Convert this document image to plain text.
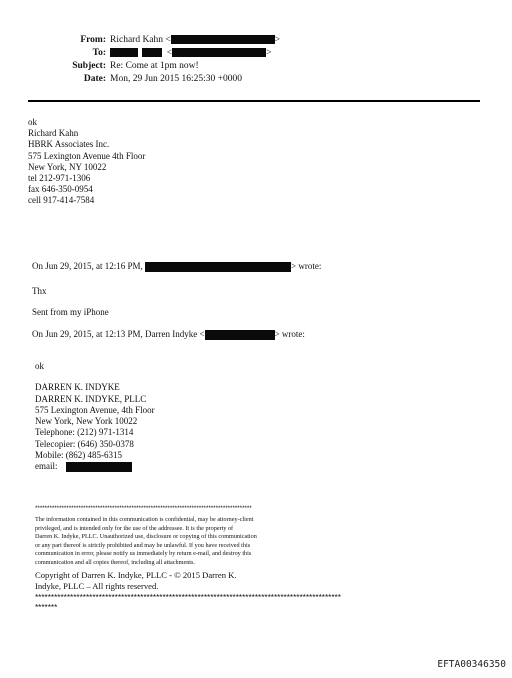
From: Richard Kahn <	>
To:	<	>
Subject: Re: Come at 1pm now!
Date: Mon, 29 Jun 2015 16:25:30 +0000
ok
Richard Kahn
HBRK Associates Inc.
575 Lexington Avenue 4th Floor
New York, NY 10022
tel 212-971-1306
fax 646-350-0954
cell 917-414-7584
On Jun 29, 2015, at 12:16 PM,	> wrote:
Thx
Sent from my iPhone
On Jun 29, 2015, at 12:13 PM, Darren Indyke <	> wrote:
ok
DARREN K. INDYKE
DARREN K. INDYKE, PLLC
575 Lexington Avenue, 4th Floor
New York, New York 10022
Telephone: (212) 971-1314
Telecopier: (646) 350-0378
Mobile: (862) 485-6315
email:
******************************************************************************************
The information contained in this communication is confidential, may be attorney-client
privileged, and is intended only for the use of the addressee. It is the property of
Darren K. Indyke, PLLC. Unauthorized use, disclosure or copying of this communication
or any part thereof is strictly prohibited and may be unlawful. If you have received this
communication in error, please notify us immediately by return e-mail, and destroy this
communication and all copies thereof, including all attachments.
Copyright of Darren K. Indyke, PLLC - © 2015 Darren K.
Indyke, PLLC – All rights reserved.
************************************************************************************************
*******
EFTA00346350
